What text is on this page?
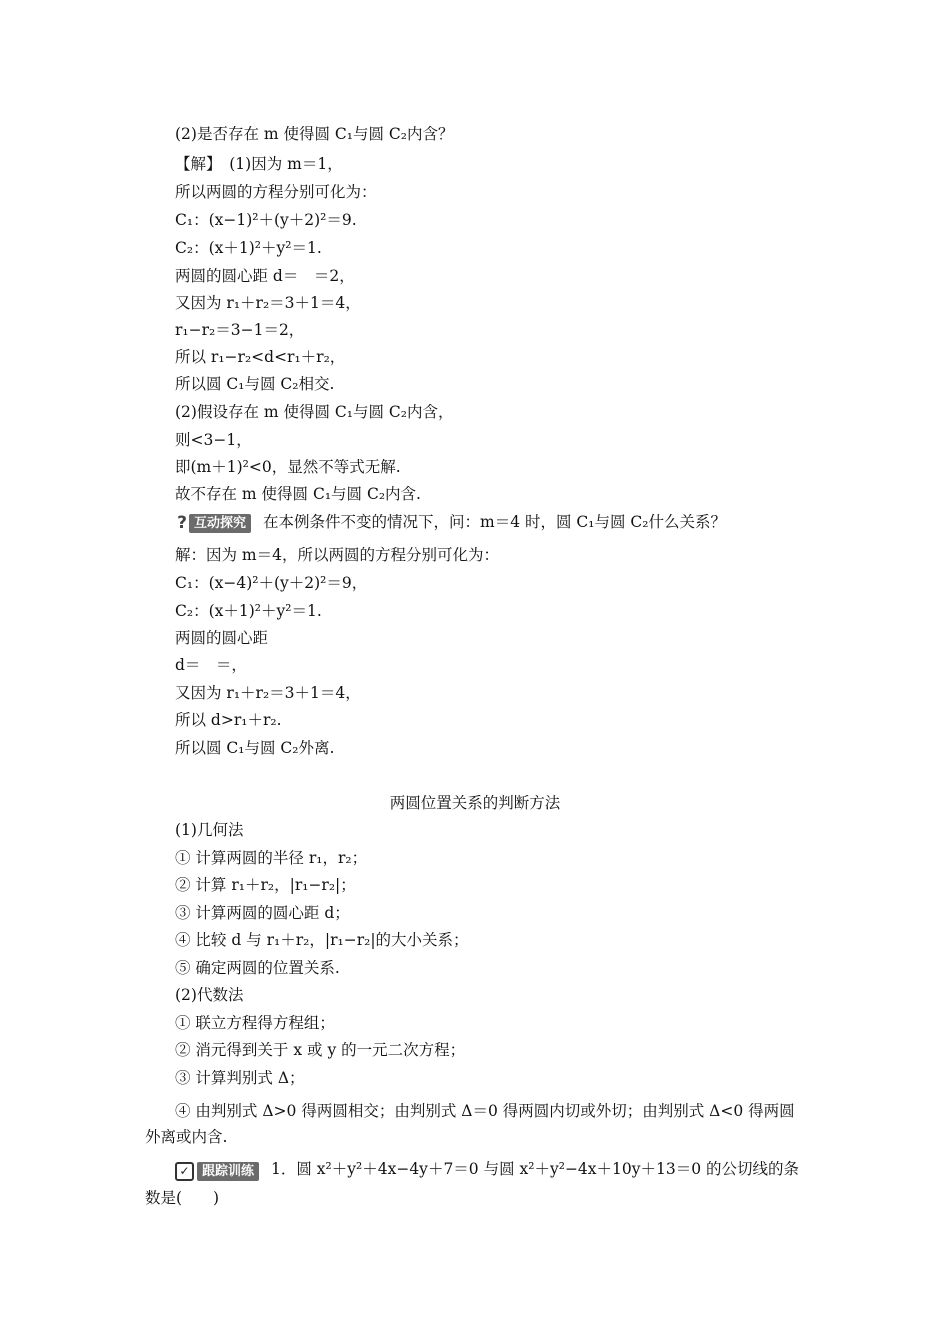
(2)是否存在 m 使得圆 C₁与圆 C₂内含？
【解】　(1)因为 m＝1，
所以两圆的方程分别可化为：
C₁：(x−1)²＋(y＋2)²＝9.
C₂：(x＋1)²＋y²＝1.
两圆的圆心距 d＝　＝2，
又因为 r₁＋r₂＝3＋1＝4，
r₁−r₂＝3−1＝2，
所以 r₁−r₂<d<r₁＋r₂，
所以圆 C₁与圆 C₂相交.
(2)假设存在 m 使得圆 C₁与圆 C₂内含，
则<3−1，
即(m＋1)²<0，显然不等式无解.
故不存在 m 使得圆 C₁与圆 C₂内含.
? 互动探究 在本例条件不变的情况下，问：m＝4 时，圆 C₁与圆 C₂什么关系？
解：因为 m＝4，所以两圆的方程分别可化为：
C₁：(x−4)²＋(y＋2)²＝9，
C₂：(x＋1)²＋y²＝1.
两圆的圆心距
d＝　＝，
又因为 r₁＋r₂＝3＋1＝4，
所以 d>r₁＋r₂.
所以圆 C₁与圆 C₂外离.
两圆位置关系的判断方法
(1)几何法
① 计算两圆的半径 r₁，r₂；
② 计算 r₁＋r₂，|r₁−r₂|；
③ 计算两圆的圆心距 d；
④ 比较 d 与 r₁＋r₂，|r₁−r₂|的大小关系；
⑤ 确定两圆的位置关系.
(2)代数法
① 联立方程得方程组；
② 消元得到关于 x 或 y 的一元二次方程；
③ 计算判别式 Δ；
④ 由判别式 Δ>0 得两圆相交；由判别式 Δ＝0 得两圆内切或外切；由判别式 Δ<0 得两圆外离或内含.
✓ 跟踪训练 1．圆 x²＋y²＋4x−4y＋7＝0 与圆 x²＋y²−4x＋10y＋13＝0 的公切线的条数是(　　)
